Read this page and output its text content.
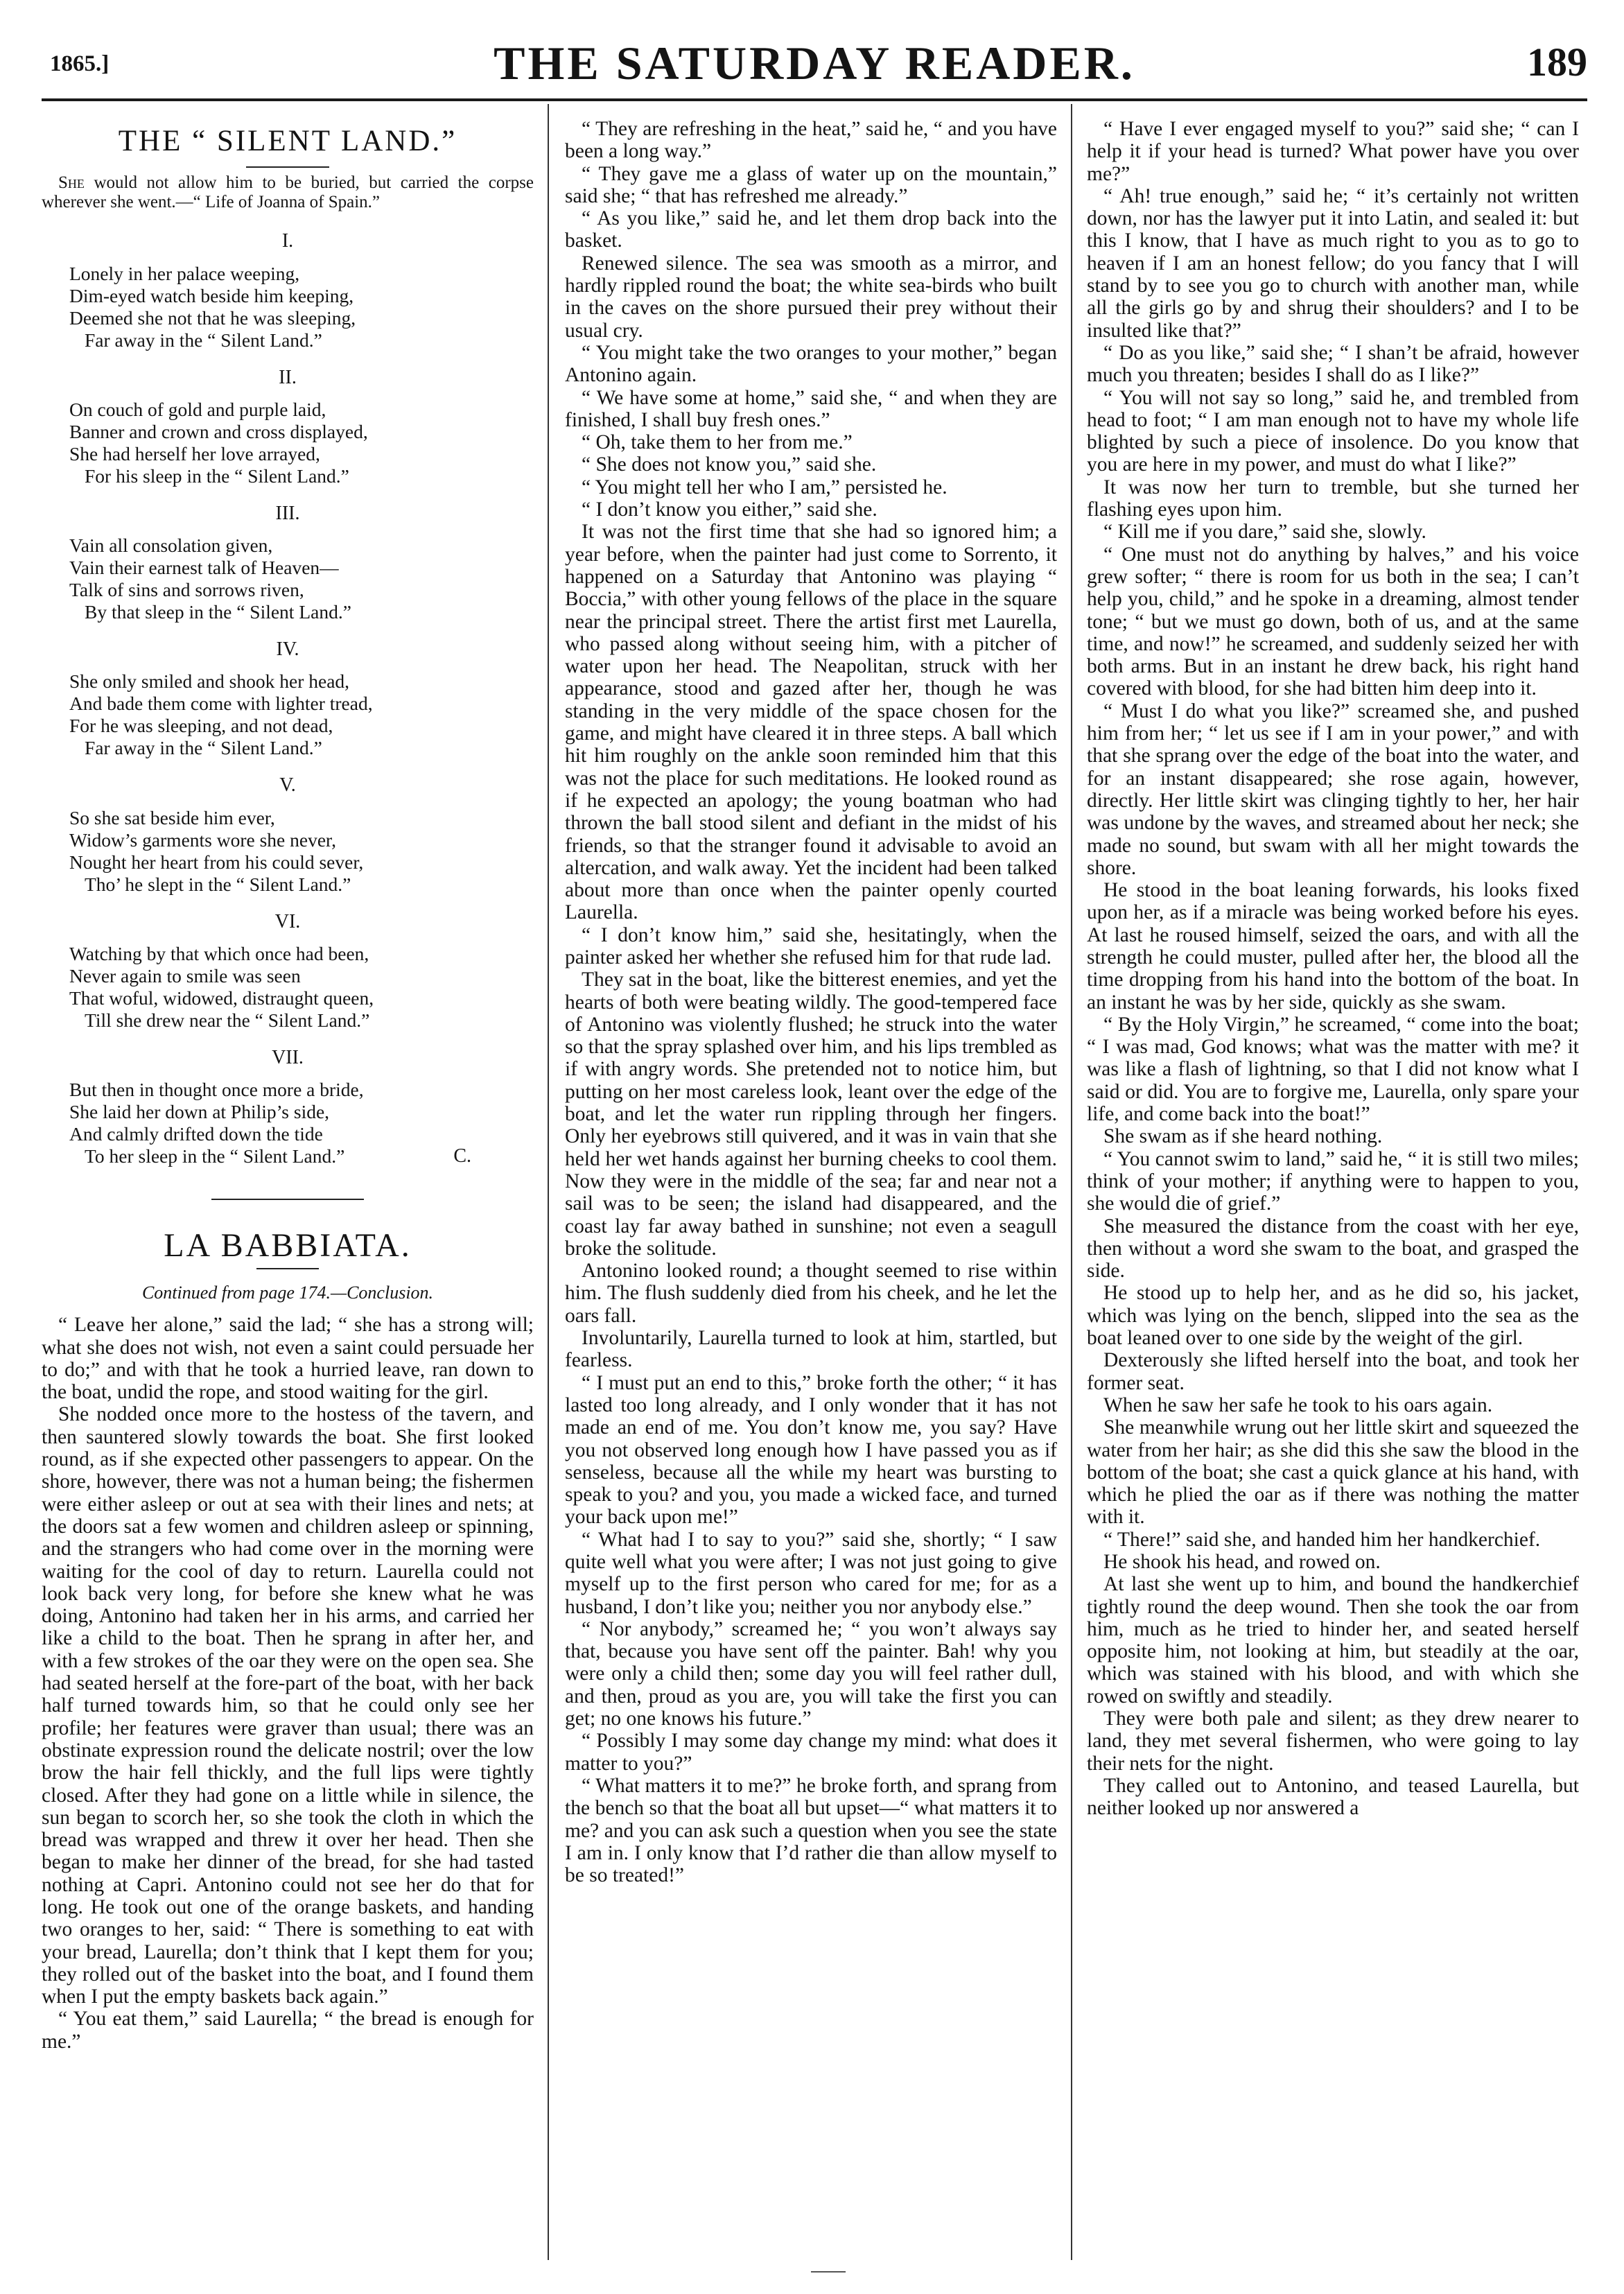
1865.]	THE SATURDAY READER.	189
THE “ SILENT LAND.”
She would not allow him to be buried, but carried the corpse wherever she went.—“ Life of Joanna of Spain.”
I.
Lonely in her palace weeping,
Dim-eyed watch beside him keeping,
Deemed she not that he was sleeping,
Far away in the “ Silent Land.”
II.
On couch of gold and purple laid,
Banner and crown and cross displayed,
She had herself her love arrayed,
For his sleep in the “ Silent Land.”
III.
Vain all consolation given,
Vain their earnest talk of Heaven—
Talk of sins and sorrows riven,
By that sleep in the “ Silent Land.”
IV.
She only smiled and shook her head,
And bade them come with lighter tread,
For he was sleeping, and not dead,
Far away in the “ Silent Land.”
V.
So she sat beside him ever,
Widow’s garments wore she never,
Nought her heart from his could sever,
Tho’ he slept in the “ Silent Land.”
VI.
Watching by that which once had been,
Never again to smile was seen
That woful, widowed, distraught queen,
Till she drew near the “ Silent Land.”
VII.
But then in thought once more a bride,
She laid her down at Philip’s side,
And calmly drifted down the tide
To her sleep in the “ Silent Land.”	C.
LA BABBIATA.
Continued from page 174.—Conclusion.

“ Leave her alone,” said the lad; “ she has a strong will; what she does not wish, not even a saint could persuade her to do;” and with that he took a hurried leave, ran down to the boat, undid the rope, and stood waiting for the girl.

She nodded once more to the hostess of the tavern, and then sauntered slowly towards the boat. She first looked round, as if she expected other passengers to appear. On the shore, however, there was not a human being; the fishermen were either asleep or out at sea with their lines and nets; at the doors sat a few women and children asleep or spinning, and the strangers who had come over in the morning were waiting for the cool of day to return. Laurella could not look back very long, for before she knew what he was doing, Antonino had taken her in his arms, and carried her like a child to the boat. Then he sprang in after her, and with a few strokes of the oar they were on the open sea. She had seated herself at the fore-part of the boat, with her back half turned towards him, so that he could only see her profile; her features were graver than usual; there was an obstinate expression round the delicate nostril; over the low brow the hair fell thickly, and the full lips were tightly closed. After they had gone on a little while in silence, the sun began to scorch her, so she took the cloth in which the bread was wrapped and threw it over her head. Then she began to make her dinner of the bread, for she had tasted nothing at Capri. Antonino could not see her do that for long. He took out one of the orange baskets, and handing two oranges to her, said: “ There is something to eat with your bread, Laurella; don’t think that I kept them for you; they rolled out of the basket into the boat, and I found them when I put the empty baskets back again.”

“ You eat them,” said Laurella; “ the bread is enough for me.”

“ They are refreshing in the heat,” said he, “ and you have been a long way.”

“ They gave me a glass of water up on the mountain,” said she; “ that has refreshed me already.”

“ As you like,” said he, and let them drop back into the basket.

Renewed silence. The sea was smooth as a mirror, and hardly rippled round the boat; the white sea-birds who built in the caves on the shore pursued their prey without their usual cry.

“ You might take the two oranges to your mother,” began Antonino again.

“ We have some at home,” said she, “ and when they are finished, I shall buy fresh ones.”

“ Oh, take them to her from me.”

“ She does not know you,” said she.

“ You might tell her who I am,” persisted he.

“ I don’t know you either,” said she.

It was not the first time that she had so ignored him; a year before, when the painter had just come to Sorrento, it happened on a Saturday that Antonino was playing “ Boccia,” with other young fellows of the place in the square near the principal street. There the artist first met Laurella, who passed along without seeing him, with a pitcher of water upon her head. The Neapolitan, struck with her appearance, stood and gazed after her, though he was standing in the very middle of the space chosen for the game, and might have cleared it in three steps. A ball which hit him roughly on the ankle soon reminded him that this was not the place for such meditations. He looked round as if he expected an apology; the young boatman who had thrown the ball stood silent and defiant in the midst of his friends, so that the stranger found it advisable to avoid an altercation, and walk away. Yet the incident had been talked about more than once when the painter openly courted Laurella.

“ I don’t know him,” said she, hesitatingly, when the painter asked her whether she refused him for that rude lad.

They sat in the boat, like the bitterest enemies, and yet the hearts of both were beating wildly. The good-tempered face of Antonino was violently flushed; he struck into the water so that the spray splashed over him, and his lips trembled as if with angry words. She pretended not to notice him, but putting on her most careless look, leant over the edge of the boat, and let the water run rippling through her fingers. Only her eyebrows still quivered, and it was in vain that she held her wet hands against her burning cheeks to cool them. Now they were in the middle of the sea; far and near not a sail was to be seen; the island had disappeared, and the coast lay far away bathed in sunshine; not even a seagull broke the solitude.

Antonino looked round; a thought seemed to rise within him. The flush suddenly died from his cheek, and he let the oars fall.

Involuntarily, Laurella turned to look at him, startled, but fearless.

“ I must put an end to this,” broke forth the other; “ it has lasted too long already, and I only wonder that it has not made an end of me. You don’t know me, you say? Have you not observed long enough how I have passed you as if senseless, because all the while my heart was bursting to speak to you? and you, you made a wicked face, and turned your back upon me!”

“ What had I to say to you?” said she, shortly; “ I saw quite well what you were after; I was not just going to give myself up to the first person who cared for me; for as a husband, I don’t like you; neither you nor anybody else.”

“ Nor anybody,” screamed he; “ you won’t always say that, because you have sent off the painter. Bah! why you were only a child then; some day you will feel rather dull, and then, proud as you are, you will take the first you can get; no one knows his future.”

“ Possibly I may some day change my mind: what does it matter to you?”

“ What matters it to me?” he broke forth, and sprang from the bench so that the boat all but upset—“ what matters it to me? and you can ask such a question when you see the state I am in. I only know that I’d rather die than allow myself to be so treated!”

“ Have I ever engaged myself to you?” said she; “ can I help it if your head is turned? What power have you over me?”

“ Ah! true enough,” said he; “ it’s certainly not written down, nor has the lawyer put it into Latin, and sealed it: but this I know, that I have as much right to you as to go to heaven if I am an honest fellow; do you fancy that I will stand by to see you go to church with another man, while all the girls go by and shrug their shoulders? and I to be insulted like that?”

“ Do as you like,” said she; “ I shan’t be afraid, however much you threaten; besides I shall do as I like?”

“ You will not say so long,” said he, and trembled from head to foot; “ I am man enough not to have my whole life blighted by such a piece of insolence. Do you know that you are here in my power, and must do what I like?”

It was now her turn to tremble, but she turned her flashing eyes upon him.

“ Kill me if you dare,” said she, slowly.

“ One must not do anything by halves,” and his voice grew softer; “ there is room for us both in the sea; I can’t help you, child,” and he spoke in a dreaming, almost tender tone; “ but we must go down, both of us, and at the same time, and now!” he screamed, and suddenly seized her with both arms. But in an instant he drew back, his right hand covered with blood, for she had bitten him deep into it.

“ Must I do what you like?” screamed she, and pushed him from her; “ let us see if I am in your power,” and with that she sprang over the edge of the boat into the water, and for an instant disappeared; she rose again, however, directly. Her little skirt was clinging tightly to her, her hair was undone by the waves, and streamed about her neck; she made no sound, but swam with all her might towards the shore.

He stood in the boat leaning forwards, his looks fixed upon her, as if a miracle was being worked before his eyes. At last he roused himself, seized the oars, and with all the strength he could muster, pulled after her, the blood all the time dropping from his hand into the bottom of the boat. In an instant he was by her side, quickly as she swam.

“ By the Holy Virgin,” he screamed, “ come into the boat; “ I was mad, God knows; what was the matter with me? it was like a flash of lightning, so that I did not know what I said or did. You are to forgive me, Laurella, only spare your life, and come back into the boat!”

She swam as if she heard nothing.

“ You cannot swim to land,” said he, “ it is still two miles; think of your mother; if anything were to happen to you, she would die of grief.”

She measured the distance from the coast with her eye, then without a word she swam to the boat, and grasped the side.

He stood up to help her, and as he did so, his jacket, which was lying on the bench, slipped into the sea as the boat leaned over to one side by the weight of the girl.

Dexterously she lifted herself into the boat, and took her former seat.

When he saw her safe he took to his oars again.

She meanwhile wrung out her little skirt and squeezed the water from her hair; as she did this she saw the blood in the bottom of the boat; she cast a quick glance at his hand, with which he plied the oar as if there was nothing the matter with it.

“ There!” said she, and handed him her handkerchief.

He shook his head, and rowed on.

At last she went up to him, and bound the handkerchief tightly round the deep wound. Then she took the oar from him, much as he tried to hinder her, and seated herself opposite him, not looking at him, but steadily at the oar, which was stained with his blood, and with which she rowed on swiftly and steadily.

They were both pale and silent; as they drew nearer to land, they met several fishermen, who were going to lay their nets for the night.

They called out to Antonino, and teased Laurella, but neither looked up nor answered a
